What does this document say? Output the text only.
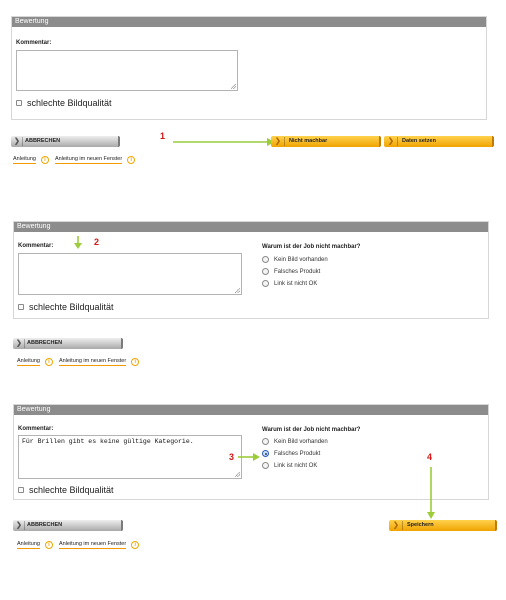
Bewertung
Kommentar:
schlechte Bildqualität
❯ ABBRECHEN	1
❯ Nicht machbar	❯ Daten setzen
Anleitung	i	Anleitung im neuen Fenster	i
Bewertung
Kommentar:
schlechte Bildqualität
Warum ist der Job nicht machbar?
Kein Bild vorhanden
Falsches Produkt
Link ist nicht OK
2
❯ ABBRECHEN
Anleitung	i	Anleitung im neuen Fenster	i
Bewertung
Kommentar:
Für Brillen gibt es keine gültige Kategorie.
schlechte Bildqualität
Warum ist der Job nicht machbar?
Kein Bild vorhanden
Falsches Produkt
Link ist nicht OK
3	4
❯ ABBRECHEN	❯ Speichern
Anleitung	i	Anleitung im neuen Fenster	i
